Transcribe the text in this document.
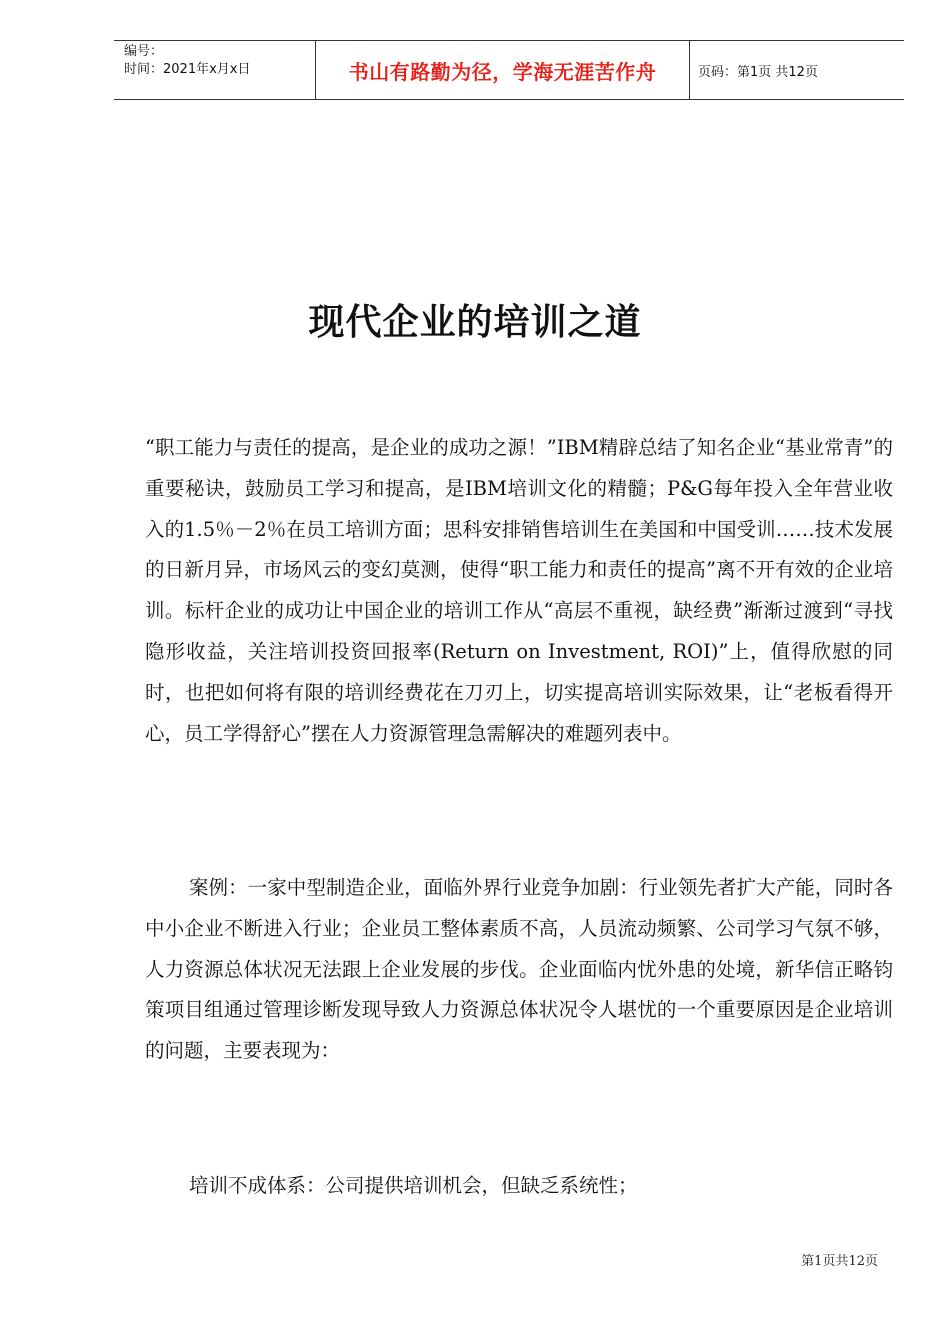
编号：
时间：2021年x月x日	书山有路勤为径，学海无涯苦作舟	页码：第1页 共12页
现代企业的培训之道

“职工能力与责任的提高，是企业的成功之源！”IBM精辟总结了知名企业“基业常青”的重要秘诀，鼓励员工学习和提高，是IBM培训文化的精髓；P&G每年投入全年营业收入的1.5％－2％在员工培训方面；思科安排销售培训生在美国和中国受训……技术发展的日新月异，市场风云的变幻莫测，使得“职工能力和责任的提高”离不开有效的企业培训。标杆企业的成功让中国企业的培训工作从“高层不重视，缺经费”渐渐过渡到“寻找隐形收益，关注培训投资回报率(Return on Investment, ROI)”上，值得欣慰的同时，也把如何将有限的培训经费花在刀刃上，切实提高培训实际效果，让“老板看得开心，员工学得舒心”摆在人力资源管理急需解决的难题列表中。

案例：一家中型制造企业，面临外界行业竞争加剧：行业领先者扩大产能，同时各中小企业不断进入行业；企业员工整体素质不高，人员流动频繁、公司学习气氛不够，人力资源总体状况无法跟上企业发展的步伐。企业面临内忧外患的处境，新华信正略钧策项目组通过管理诊断发现导致人力资源总体状况令人堪忧的一个重要原因是企业培训的问题，主要表现为：

培训不成体系：公司提供培训机会，但缺乏系统性；

第1页共12页
